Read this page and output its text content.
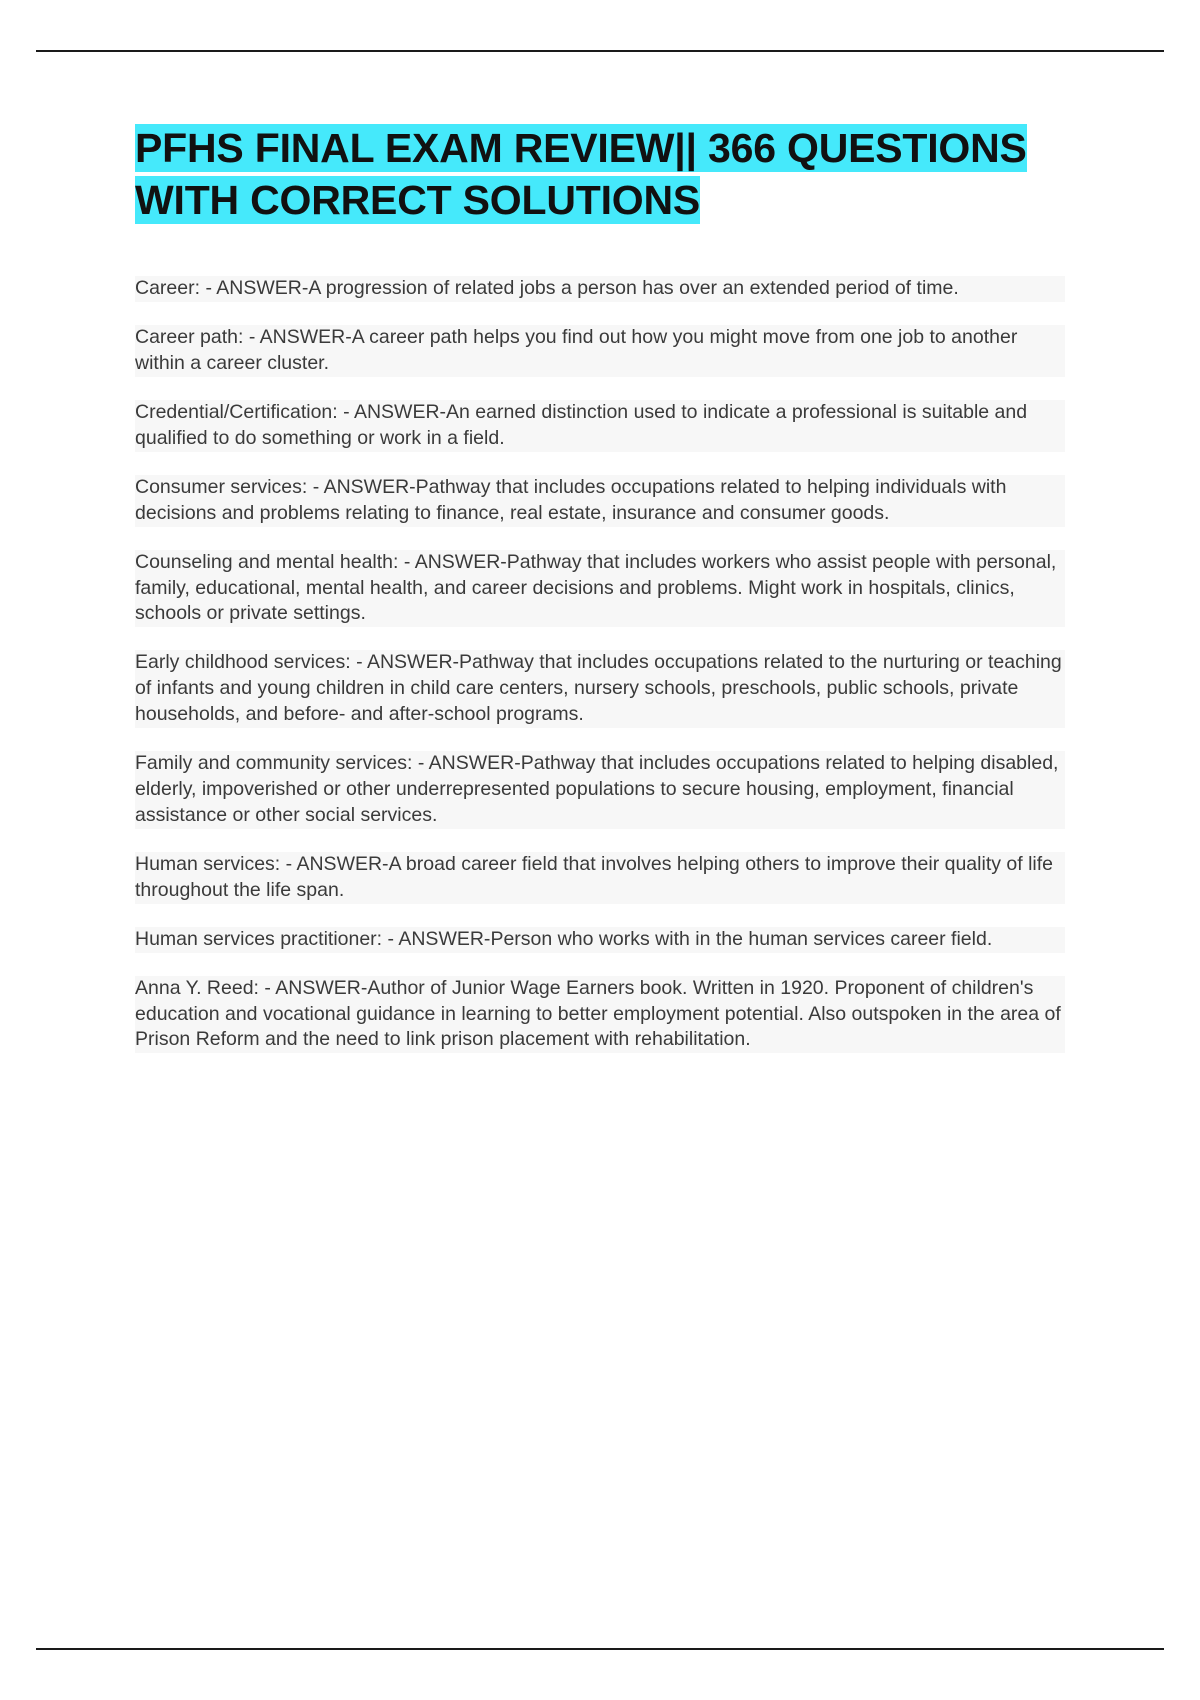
PFHS FINAL EXAM REVIEW|| 366 QUESTIONS WITH CORRECT SOLUTIONS
Career: - ANSWER-A progression of related jobs a person has over an extended period of time.
Career path: - ANSWER-A career path helps you find out how you might move from one job to another within a career cluster.
Credential/Certification: - ANSWER-An earned distinction used to indicate a professional is suitable and qualified to do something or work in a field.
Consumer services: - ANSWER-Pathway that includes occupations related to helping individuals with decisions and problems relating to finance, real estate, insurance and consumer goods.
Counseling and mental health: - ANSWER-Pathway that includes workers who assist people with personal, family, educational, mental health, and career decisions and problems. Might work in hospitals, clinics, schools or private settings.
Early childhood services: - ANSWER-Pathway that includes occupations related to the nurturing or teaching of infants and young children in child care centers, nursery schools, preschools, public schools, private households, and before- and after-school programs.
Family and community services: - ANSWER-Pathway that includes occupations related to helping disabled, elderly, impoverished or other underrepresented populations to secure housing, employment, financial assistance or other social services.
Human services: - ANSWER-A broad career field that involves helping others to improve their quality of life throughout the life span.
Human services practitioner: - ANSWER-Person who works with in the human services career field.
Anna Y. Reed: - ANSWER-Author of Junior Wage Earners book. Written in 1920. Proponent of children's education and vocational guidance in learning to better employment potential. Also outspoken in the area of Prison Reform and the need to link prison placement with rehabilitation.
